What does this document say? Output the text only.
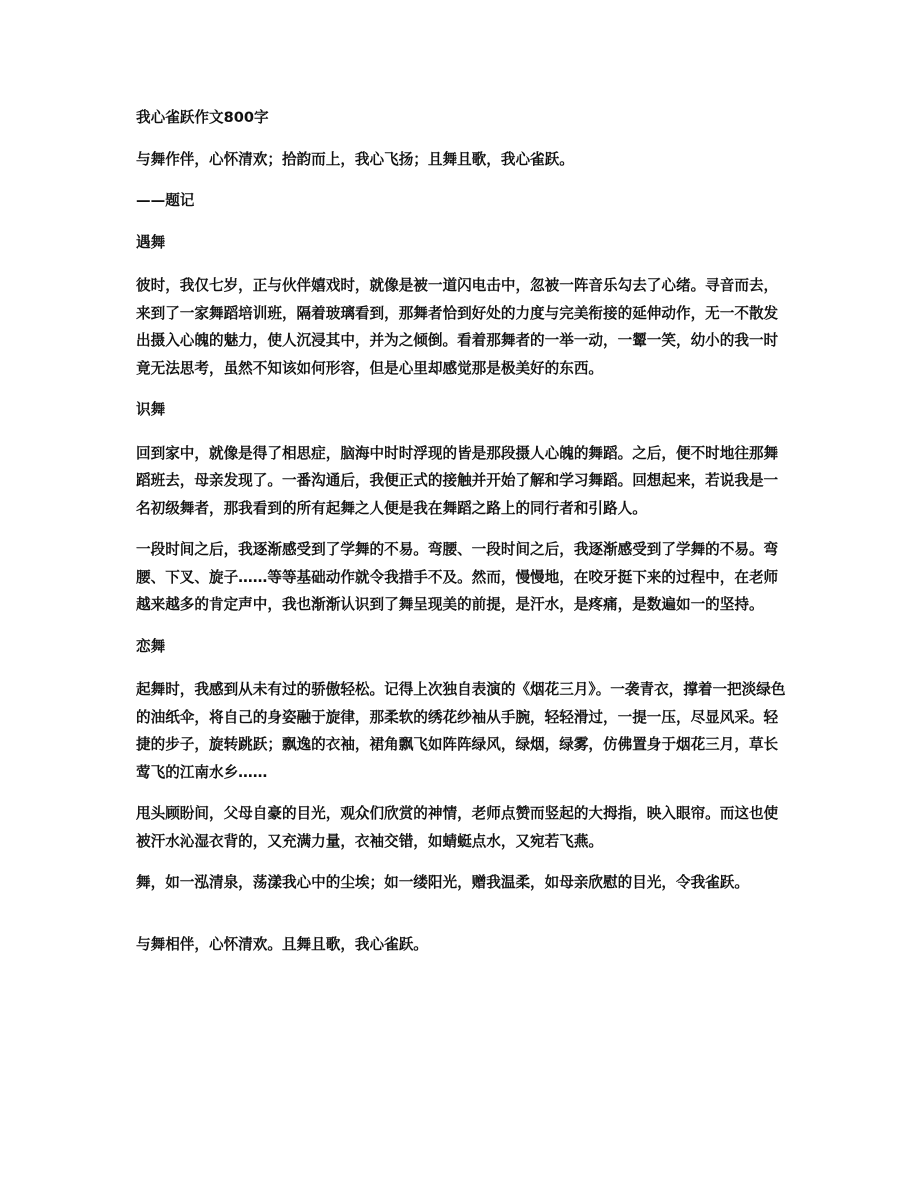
我心雀跃作文800字

与舞作伴，心怀清欢；拾韵而上，我心飞扬；且舞且歌，我心雀跃。

——题记

遇舞

彼时，我仅七岁，正与伙伴嬉戏时，就像是被一道闪电击中，忽被一阵音乐勾去了心绪。寻音而去，来到了一家舞蹈培训班，隔着玻璃看到，那舞者恰到好处的力度与完美衔接的延伸动作，无一不散发出摄入心魄的魅力，使人沉浸其中，并为之倾倒。看着那舞者的一举一动，一颦一笑，幼小的我一时竟无法思考，虽然不知该如何形容，但是心里却感觉那是极美好的东西。

识舞

回到家中，就像是得了相思症，脑海中时时浮现的皆是那段摄人心魄的舞蹈。之后，便不时地往那舞蹈班去，母亲发现了。一番沟通后，我便正式的接触并开始了解和学习舞蹈。回想起来，若说我是一名初级舞者，那我看到的所有起舞之人便是我在舞蹈之路上的同行者和引路人。

一段时间之后，我逐渐感受到了学舞的不易。弯腰、一段时间之后，我逐渐感受到了学舞的不易。弯腰、下叉、旋子……等等基础动作就令我措手不及。然而，慢慢地，在咬牙挺下来的过程中，在老师越来越多的肯定声中，我也渐渐认识到了舞呈现美的前提，是汗水，是疼痛，是数遍如一的坚持。

恋舞

起舞时，我感到从未有过的骄傲轻松。记得上次独自表演的《烟花三月》。一袭青衣，撑着一把淡绿色的油纸伞，将自己的身姿融于旋律，那柔软的绣花纱袖从手腕，轻轻滑过，一提一压，尽显风采。轻捷的步子，旋转跳跃；飘逸的衣袖，裙角飘飞如阵阵绿风，绿烟，绿雾，仿佛置身于烟花三月，草长莺飞的江南水乡……

甩头顾盼间，父母自豪的目光，观众们欣赏的神情，老师点赞而竖起的大拇指，映入眼帘。而这也使被汗水沁湿衣背的，又充满力量，衣袖交错，如蜻蜓点水，又宛若飞燕。

舞，如一泓清泉，荡漾我心中的尘埃；如一缕阳光，赠我温柔，如母亲欣慰的目光，令我雀跃。

与舞相伴，心怀清欢。且舞且歌，我心雀跃。
